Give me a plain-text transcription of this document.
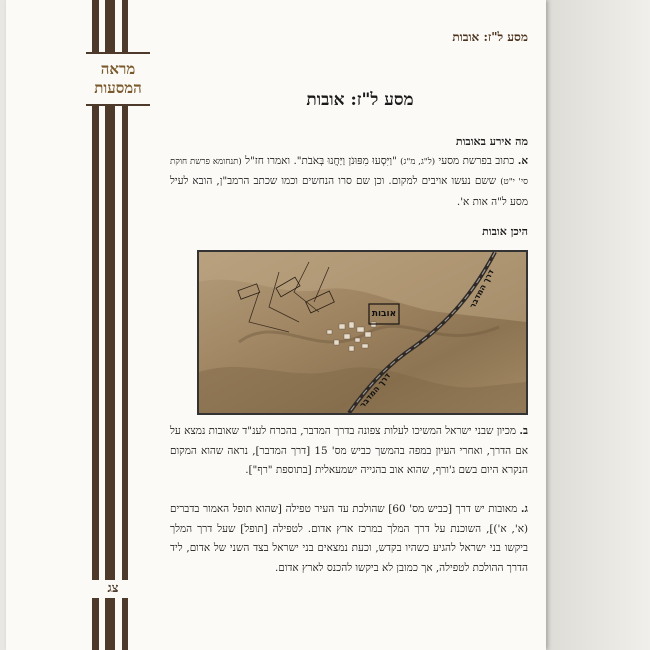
מראה
המסעות
צג
מסע ל"ז: אובות
מסע ל"ז: אובות
מה אירע באובות
א. כתוב בפרשת מסעי (ל"ג, מ"ג) "וַיִּסְעוּ מִפּוּנֹן וַיַּחֲנוּ בְּאֹבֹת". ואמרו חז"ל (תנחומא פרשת חוקת סי' י"ט) ששם נעשו אויבים למקום. וכן שם סרו הנחשים וכמו שכתב הרמב"ן, הובא לעיל מסע ל"ה אות א'.
היכן אובות
אובות
דרך המדבר
דרך המדבר
ב. מכיון שבני ישראל המשיכו לעלות צפונה בדרך המדבר, בהכרח לענ"ד שאובות נמצא על אם הדרך, ואחרי העיון במפה בהמשך כביש מס' 15 [דרך המדבר], נראה שהוא המקום הנקרא היום בשם ג'ורף, שהוא אוב בהגייה ישמעאלית [בתוספת "רף"].
ג. מאובות יש דרך [כביש מס' 60] שהולכת עד העיר טפילה [שהוא תופל האמור בדברים (א', א')], השוכנת על דרך המלך במרכז ארץ אדום. לטפילה [תופל] שעל דרך המלך ביקשו בני ישראל להגיע כשהיו בקדש, וכעת נמצאים בני ישראל בצד השני של אדום, ליד הדרך ההולכת לטפילה, אך כמובן לא ביקשו להכנס לארץ אדום.
